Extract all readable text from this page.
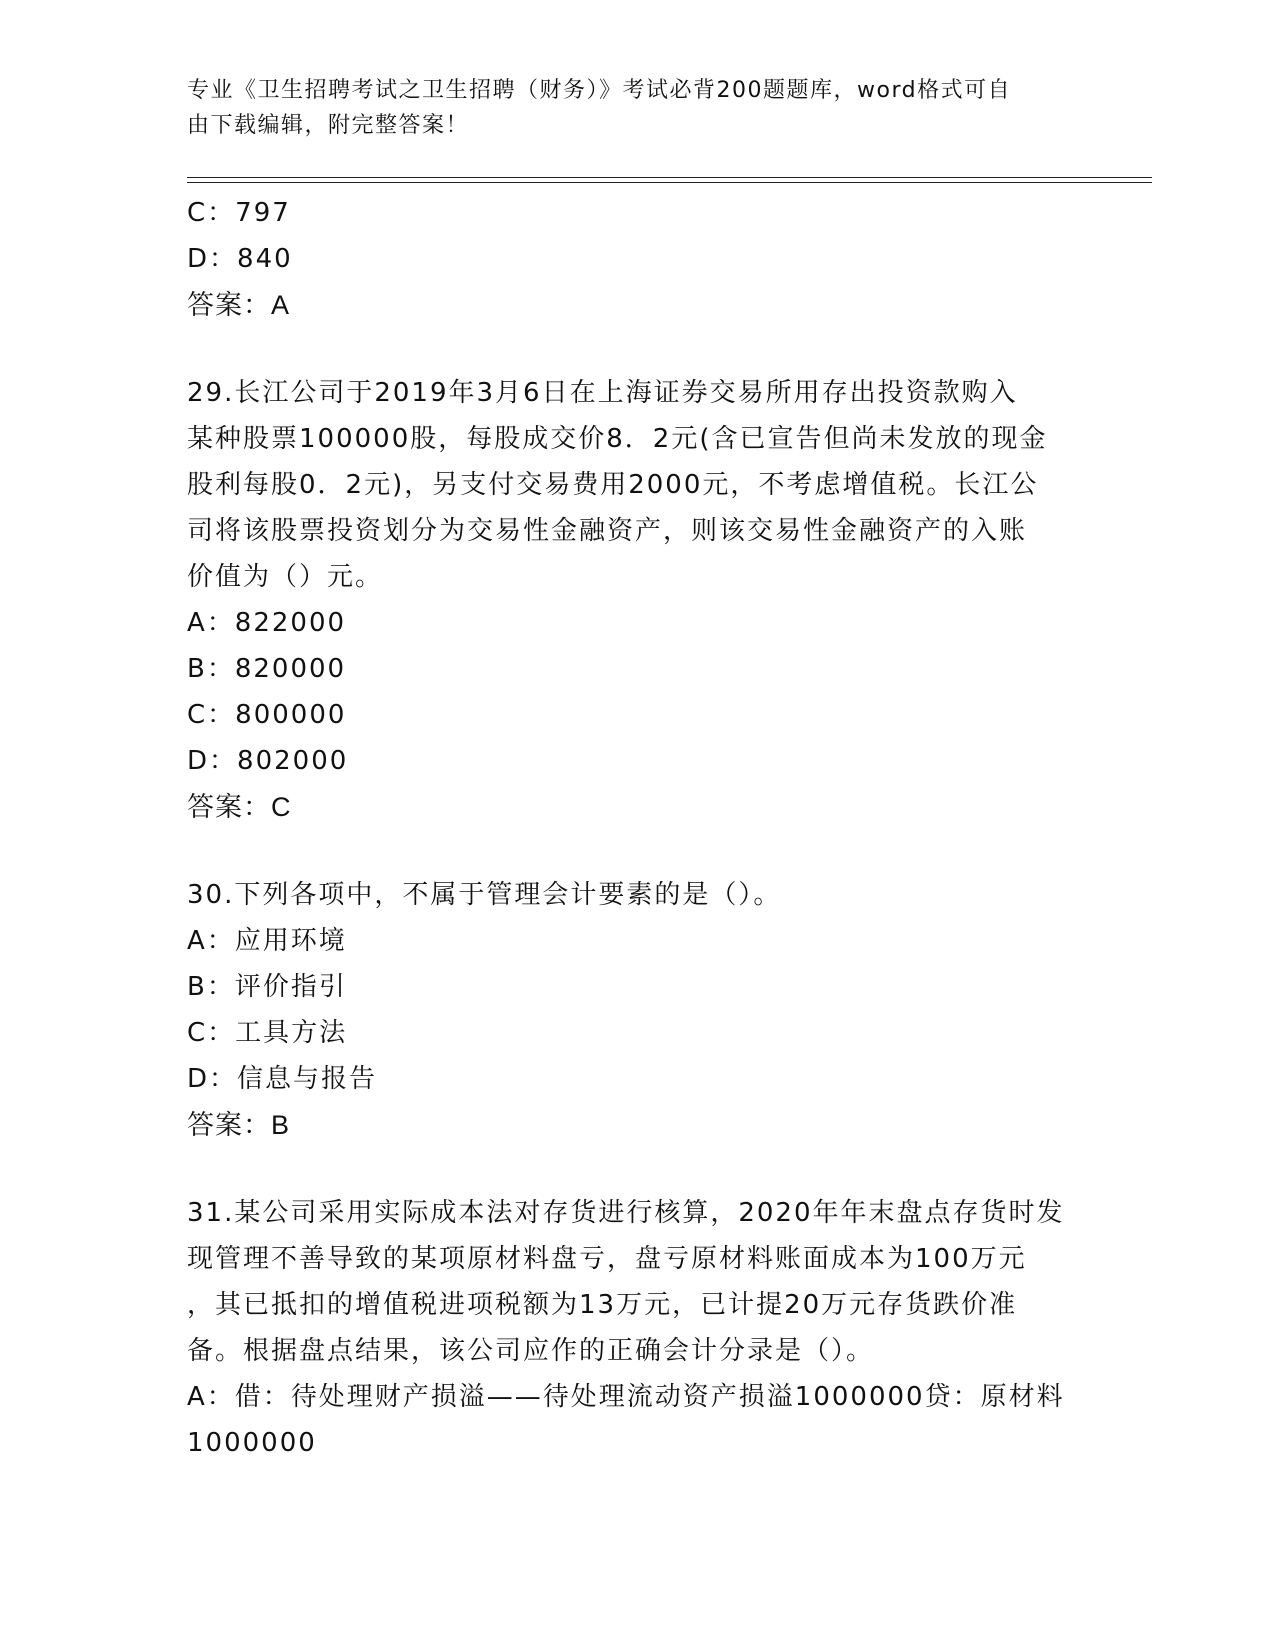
专业《卫生招聘考试之卫生招聘（财务）》考试必背200题题库，word格式可自
由下载编辑，附完整答案！
C：797
D：840
答案：A
29.长江公司于2019年3月6日在上海证券交易所用存出投资款购入
某种股票100000股，每股成交价8．2元(含已宣告但尚未发放的现金
股利每股0．2元)，另支付交易费用2000元，不考虑增值税。长江公
司将该股票投资划分为交易性金融资产，则该交易性金融资产的入账
价值为（）元。
A：822000
B：820000
C：800000
D：802000
答案：C
30.下列各项中，不属于管理会计要素的是（）。
A：应用环境
B：评价指引
C：工具方法
D：信息与报告
答案：B
31.某公司采用实际成本法对存货进行核算，2020年年末盘点存货时发
现管理不善导致的某项原材料盘亏，盘亏原材料账面成本为100万元
，其已抵扣的增值税进项税额为13万元，已计提20万元存货跌价准
备。根据盘点结果，该公司应作的正确会计分录是（）。
A：借：待处理财产损溢——待处理流动资产损溢1000000贷：原材料
1000000
